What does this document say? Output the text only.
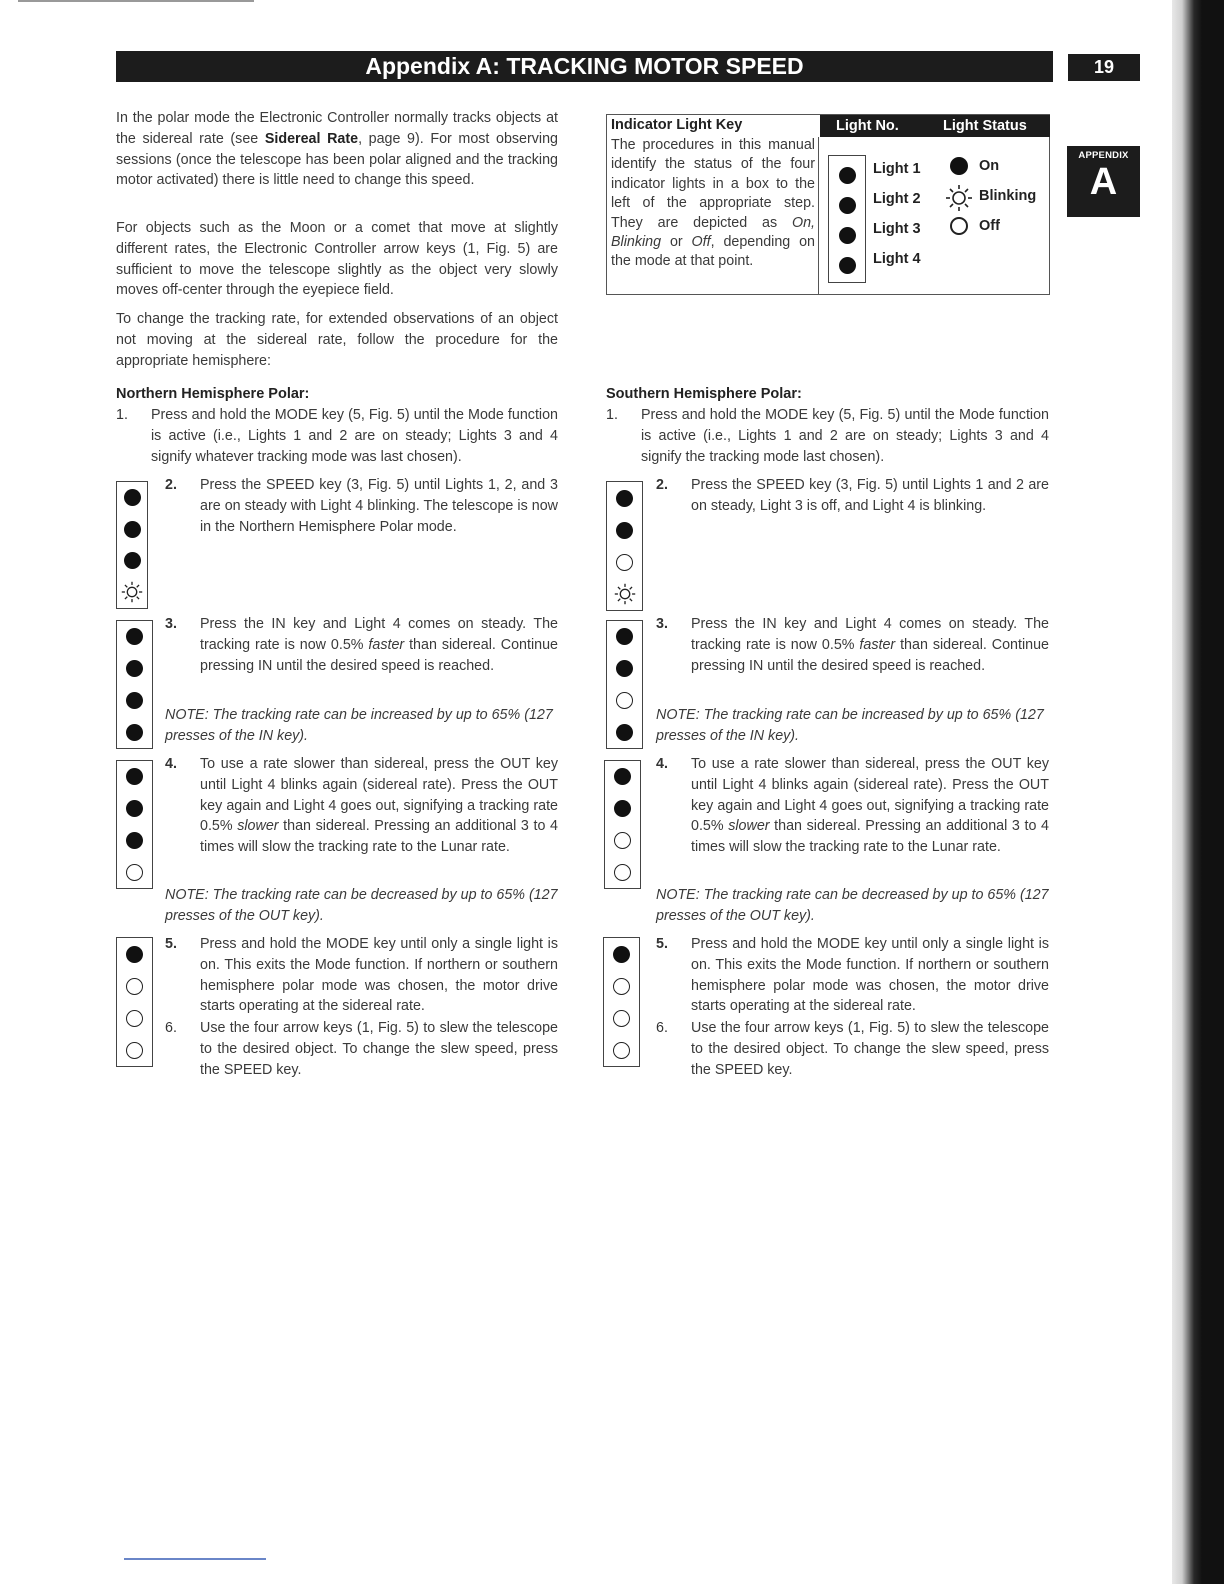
Appendix A: TRACKING MOTOR SPEED	19
APPENDIX
A

In the polar mode the Electronic Controller normally tracks objects at the sidereal rate (see Sidereal Rate, page 9). For most observing sessions (once the telescope has been polar aligned and the tracking motor activated) there is little need to change this speed.

For objects such as the Moon or a comet that move at slightly different rates, the Electronic Controller arrow keys (1, Fig. 5) are sufficient to move the telescope slightly as the object very slowly moves off-center through the eyepiece field.

To change the tracking rate, for extended observations of an object not moving at the sidereal rate, follow the procedure for the appropriate hemisphere:

Indicator Light Key	Light No.	Light Status
The procedures in this manual identify the status of the four indicator lights in a box to the left of the appropriate step. They are depicted as On, Blinking or Off, depending on the mode at that point.
Light 1
Light 2
Light 3
Light 4
On
Blinking
Off
Northern Hemisphere Polar:
1. Press and hold the MODE key (5, Fig. 5) until the Mode function is active (i.e., Lights 1 and 2 are on steady; Lights 3 and 4 signify whatever tracking mode was last chosen).
2. Press the SPEED key (3, Fig. 5) until Lights 1, 2, and 3 are on steady with Light 4 blinking. The telescope is now in the Northern Hemisphere Polar mode.
3. Press the IN key and Light 4 comes on steady. The tracking rate is now 0.5% faster than sidereal. Continue pressing IN until the desired speed is reached.
NOTE: The tracking rate can be increased by up to 65% (127 presses of the IN key).
4. To use a rate slower than sidereal, press the OUT key until Light 4 blinks again (sidereal rate). Press the OUT key again and Light 4 goes out, signifying a tracking rate 0.5% slower than sidereal. Pressing an additional 3 to 4 times will slow the tracking rate to the Lunar rate.
NOTE: The tracking rate can be decreased by up to 65% (127 presses of the OUT key).
5. Press and hold the MODE key until only a single light is on. This exits the Mode function. If northern or southern hemisphere polar mode was chosen, the motor drive starts operating at the sidereal rate.
6. Use the four arrow keys (1, Fig. 5) to slew the telescope to the desired object. To change the slew speed, press the SPEED key.
Southern Hemisphere Polar:
1. Press and hold the MODE key (5, Fig. 5) until the Mode function is active (i.e., Lights 1 and 2 are on steady; Lights 3 and 4 signify the tracking mode last chosen).
2. Press the SPEED key (3, Fig. 5) until Lights 1 and 2 are on steady, Light 3 is off, and Light 4 is blinking.
3. Press the IN key and Light 4 comes on steady. The tracking rate is now 0.5% faster than sidereal. Continue pressing IN until the desired speed is reached.
NOTE: The tracking rate can be increased by up to 65% (127 presses of the IN key).
4. To use a rate slower than sidereal, press the OUT key until Light 4 blinks again (sidereal rate). Press the OUT key again and Light 4 goes out, signifying a tracking rate 0.5% slower than sidereal. Pressing an additional 3 to 4 times will slow the tracking rate to the Lunar rate.
NOTE: The tracking rate can be decreased by up to 65% (127 presses of the OUT key).
5. Press and hold the MODE key until only a single light is on. This exits the Mode function. If northern or southern hemisphere polar mode was chosen, the motor drive starts operating at the sidereal rate.
6. Use the four arrow keys (1, Fig. 5) to slew the telescope to the desired object. To change the slew speed, press the SPEED key.
